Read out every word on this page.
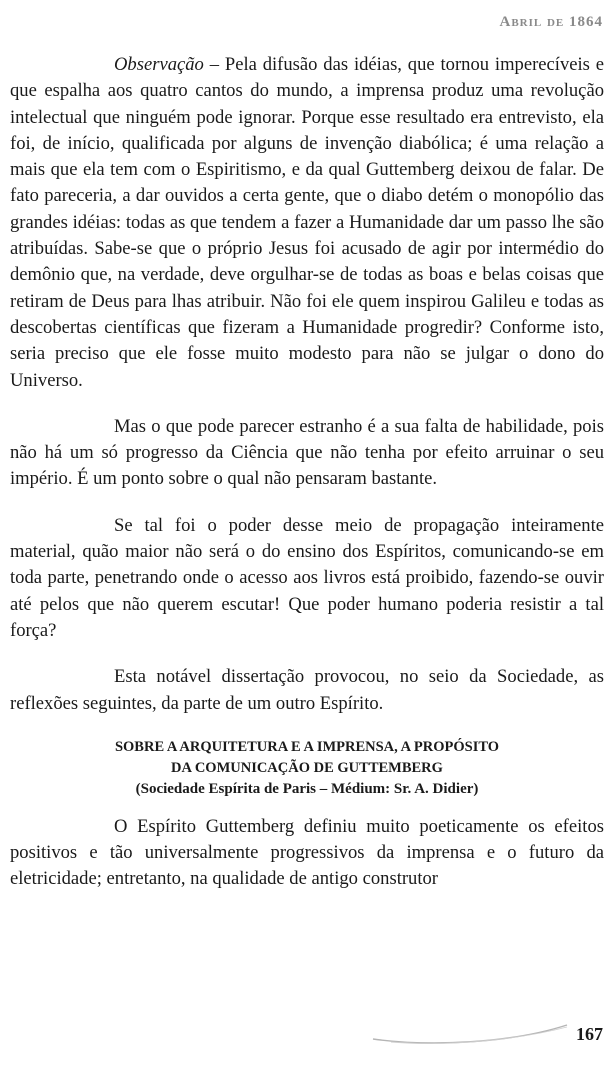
Abril de 1864

Observação – Pela difusão das idéias, que tornou imperecíveis e que espalha aos quatro cantos do mundo, a imprensa produz uma revolução intelectual que ninguém pode ignorar. Porque esse resultado era entrevisto, ela foi, de início, qualificada por alguns de invenção diabólica; é uma relação a mais que ela tem com o Espiritismo, e da qual Guttemberg deixou de falar. De fato pareceria, a dar ouvidos a certa gente, que o diabo detém o monopólio das grandes idéias: todas as que tendem a fazer a Humanidade dar um passo lhe são atribuídas. Sabe-se que o próprio Jesus foi acusado de agir por intermédio do demônio que, na verdade, deve orgulhar-se de todas as boas e belas coisas que retiram de Deus para lhas atribuir. Não foi ele quem inspirou Galileu e todas as descobertas científicas que fizeram a Humanidade progredir? Conforme isto, seria preciso que ele fosse muito modesto para não se julgar o dono do Universo.

Mas o que pode parecer estranho é a sua falta de habilidade, pois não há um só progresso da Ciência que não tenha por efeito arruinar o seu império. É um ponto sobre o qual não pensaram bastante.

Se tal foi o poder desse meio de propagação inteiramente material, quão maior não será o do ensino dos Espíritos, comunicando-se em toda parte, penetrando onde o acesso aos livros está proibido, fazendo-se ouvir até pelos que não querem escutar! Que poder humano poderia resistir a tal força?

Esta notável dissertação provocou, no seio da Sociedade, as reflexões seguintes, da parte de um outro Espírito.

SOBRE A ARQUITETURA E A IMPRENSA, A PROPÓSITO
DA COMUNICAÇÃO DE GUTTEMBERG
(Sociedade Espírita de Paris – Médium: Sr. A. Didier)

O Espírito Guttemberg definiu muito poeticamente os efeitos positivos e tão universalmente progressivos da imprensa e o futuro da eletricidade; entretanto, na qualidade de antigo construtor

167
